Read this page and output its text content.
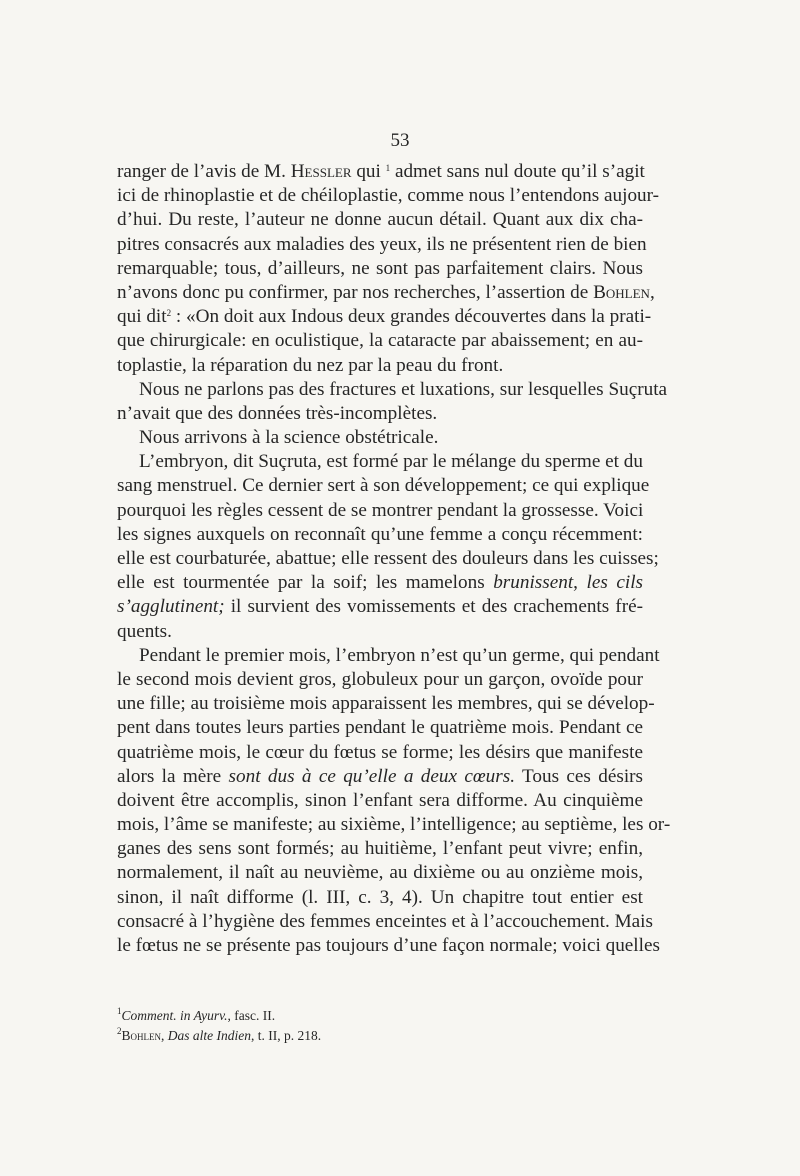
53
ranger de l’avis de M. Hessler qui $^1$ admet sans nul doute qu’il s’agit
ici de rhinoplastie et de chéiloplastie, comme nous l’entendons aujour-
d’hui. Du reste, l’auteur ne donne aucun détail. Quant aux dix cha-
pitres consacrés aux maladies des yeux, ils ne présentent rien de bien
remarquable; tous, d’ailleurs, ne sont pas parfaitement clairs. Nous
n’avons donc pu confirmer, par nos recherches, l’assertion de Bohlen,
qui dit$^2$ : «On doit aux Indous deux grandes découvertes dans la prati-
que chirurgicale: en oculistique, la cataracte par abaissement; en au-
toplastie, la réparation du nez par la peau du front.
Nous ne parlons pas des fractures et luxations, sur lesquelles Suçruta
n’avait que des données très-incomplètes.
Nous arrivons à la science obstétricale.
L’embryon, dit Suçruta, est formé par le mélange du sperme et du
sang menstruel. Ce dernier sert à son développement; ce qui explique
pourquoi les règles cessent de se montrer pendant la grossesse. Voici
les signes auxquels on reconnaît qu’une femme a conçu récemment:
elle est courbaturée, abattue; elle ressent des douleurs dans les cuisses;
elle est tourmentée par la soif; les mamelons brunissent, les cils
s’agglutinent; il survient des vomissements et des crachements fré-
quents.
Pendant le premier mois, l’embryon n’est qu’un germe, qui pendant
le second mois devient gros, globuleux pour un garçon, ovoïde pour
une fille; au troisième mois apparaissent les membres, qui se dévelop-
pent dans toutes leurs parties pendant le quatrième mois. Pendant ce
quatrième mois, le cœur du fœtus se forme; les désirs que manifeste
alors la mère sont dus à ce qu’elle a deux cœurs. Tous ces désirs
doivent être accomplis, sinon l’enfant sera difforme. Au cinquième
mois, l’âme se manifeste; au sixième, l’intelligence; au septième, les or-
ganes des sens sont formés; au huitième, l’enfant peut vivre; enfin,
normalement, il naît au neuvième, au dixième ou au onzième mois,
sinon, il naît difforme (l. III, c. 3, 4). Un chapitre tout entier est
consacré à l’hygiène des femmes enceintes et à l’accouchement. Mais
le fœtus ne se présente pas toujours d’une façon normale; voici quelles
$^1$Comment. in Ayurv., fasc. II.
$^2$Bohlen, Das alte Indien, t. II, p. 218.
